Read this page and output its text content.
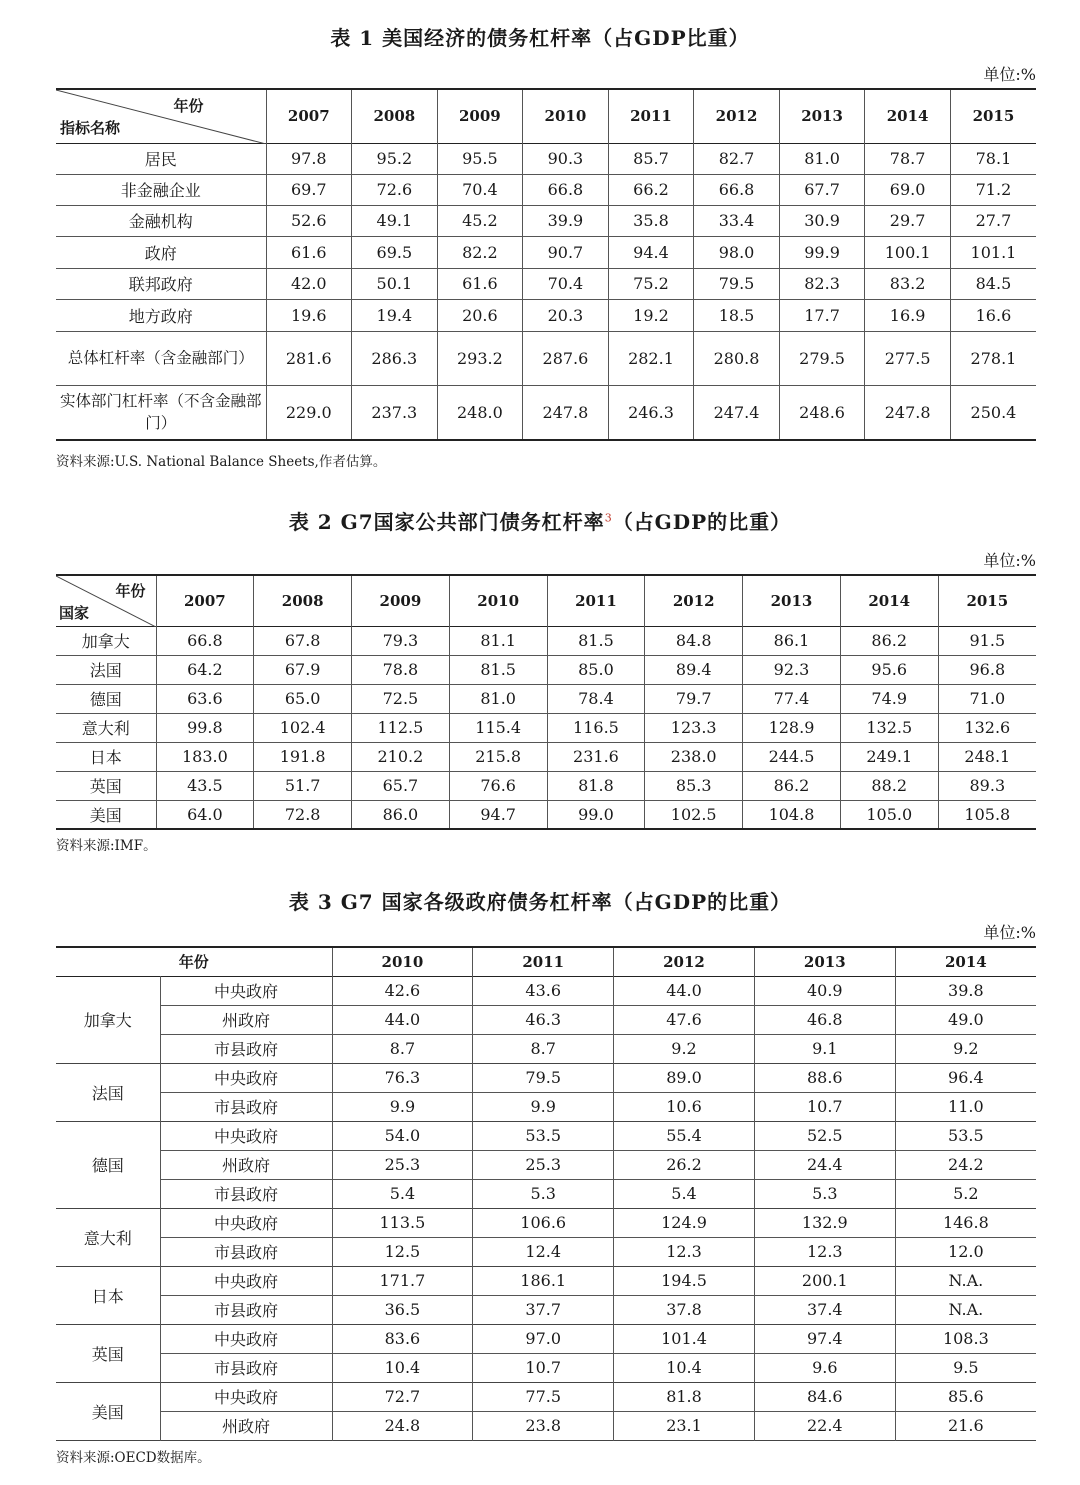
表 1 美国经济的债务杠杆率（占GDP比重）
单位:%
年份
指标名称	2007	2008	2009	2010	2011	2012	2013	2014	2015
居民	97.8	95.2	95.5	90.3	85.7	82.7	81.0	78.7	78.1
非金融企业	69.7	72.6	70.4	66.8	66.2	66.8	67.7	69.0	71.2
金融机构	52.6	49.1	45.2	39.9	35.8	33.4	30.9	29.7	27.7
政府	61.6	69.5	82.2	90.7	94.4	98.0	99.9	100.1	101.1
联邦政府	42.0	50.1	61.6	70.4	75.2	79.5	82.3	83.2	84.5
地方政府	19.6	19.4	20.6	20.3	19.2	18.5	17.7	16.9	16.6
总体杠杆率（含金融部门）	281.6	286.3	293.2	287.6	282.1	280.8	279.5	277.5	278.1
实体部门杠杆率（不含金融部门）	229.0	237.3	248.0	247.8	246.3	247.4	248.6	247.8	250.4
资料来源:U.S. National Balance Sheets,作者估算。
表 2 G7国家公共部门债务杠杆率$^3$（占GDP的比重）
单位:%
年份
国家	2007	2008	2009	2010	2011	2012	2013	2014	2015
加拿大	66.8	67.8	79.3	81.1	81.5	84.8	86.1	86.2	91.5
法国	64.2	67.9	78.8	81.5	85.0	89.4	92.3	95.6	96.8
德国	63.6	65.0	72.5	81.0	78.4	79.7	77.4	74.9	71.0
意大利	99.8	102.4	112.5	115.4	116.5	123.3	128.9	132.5	132.6
日本	183.0	191.8	210.2	215.8	231.6	238.0	244.5	249.1	248.1
英国	43.5	51.7	65.7	76.6	81.8	85.3	86.2	88.2	89.3
美国	64.0	72.8	86.0	94.7	99.0	102.5	104.8	105.0	105.8
资料来源:IMF。
表 3 G7 国家各级政府债务杠杆率（占GDP的比重）
单位:%
年份		2010	2011	2012	2013	2014
加拿大	中央政府	42.6	43.6	44.0	40.9	39.8
	州政府	44.0	46.3	47.6	46.8	49.0
	市县政府	8.7	8.7	9.2	9.1	9.2
法国	中央政府	76.3	79.5	89.0	88.6	96.4
	市县政府	9.9	9.9	10.6	10.7	11.0
德国	中央政府	54.0	53.5	55.4	52.5	53.5
	州政府	25.3	25.3	26.2	24.4	24.2
	市县政府	5.4	5.3	5.4	5.3	5.2
意大利	中央政府	113.5	106.6	124.9	132.9	146.8
	市县政府	12.5	12.4	12.3	12.3	12.0
日本	中央政府	171.7	186.1	194.5	200.1	N.A.
	市县政府	36.5	37.7	37.8	37.4	N.A.
英国	中央政府	83.6	97.0	101.4	97.4	108.3
	市县政府	10.4	10.7	10.4	9.6	9.5
美国	中央政府	72.7	77.5	81.8	84.6	85.6
	州政府	24.8	23.8	23.1	22.4	21.6
资料来源:OECD数据库。
